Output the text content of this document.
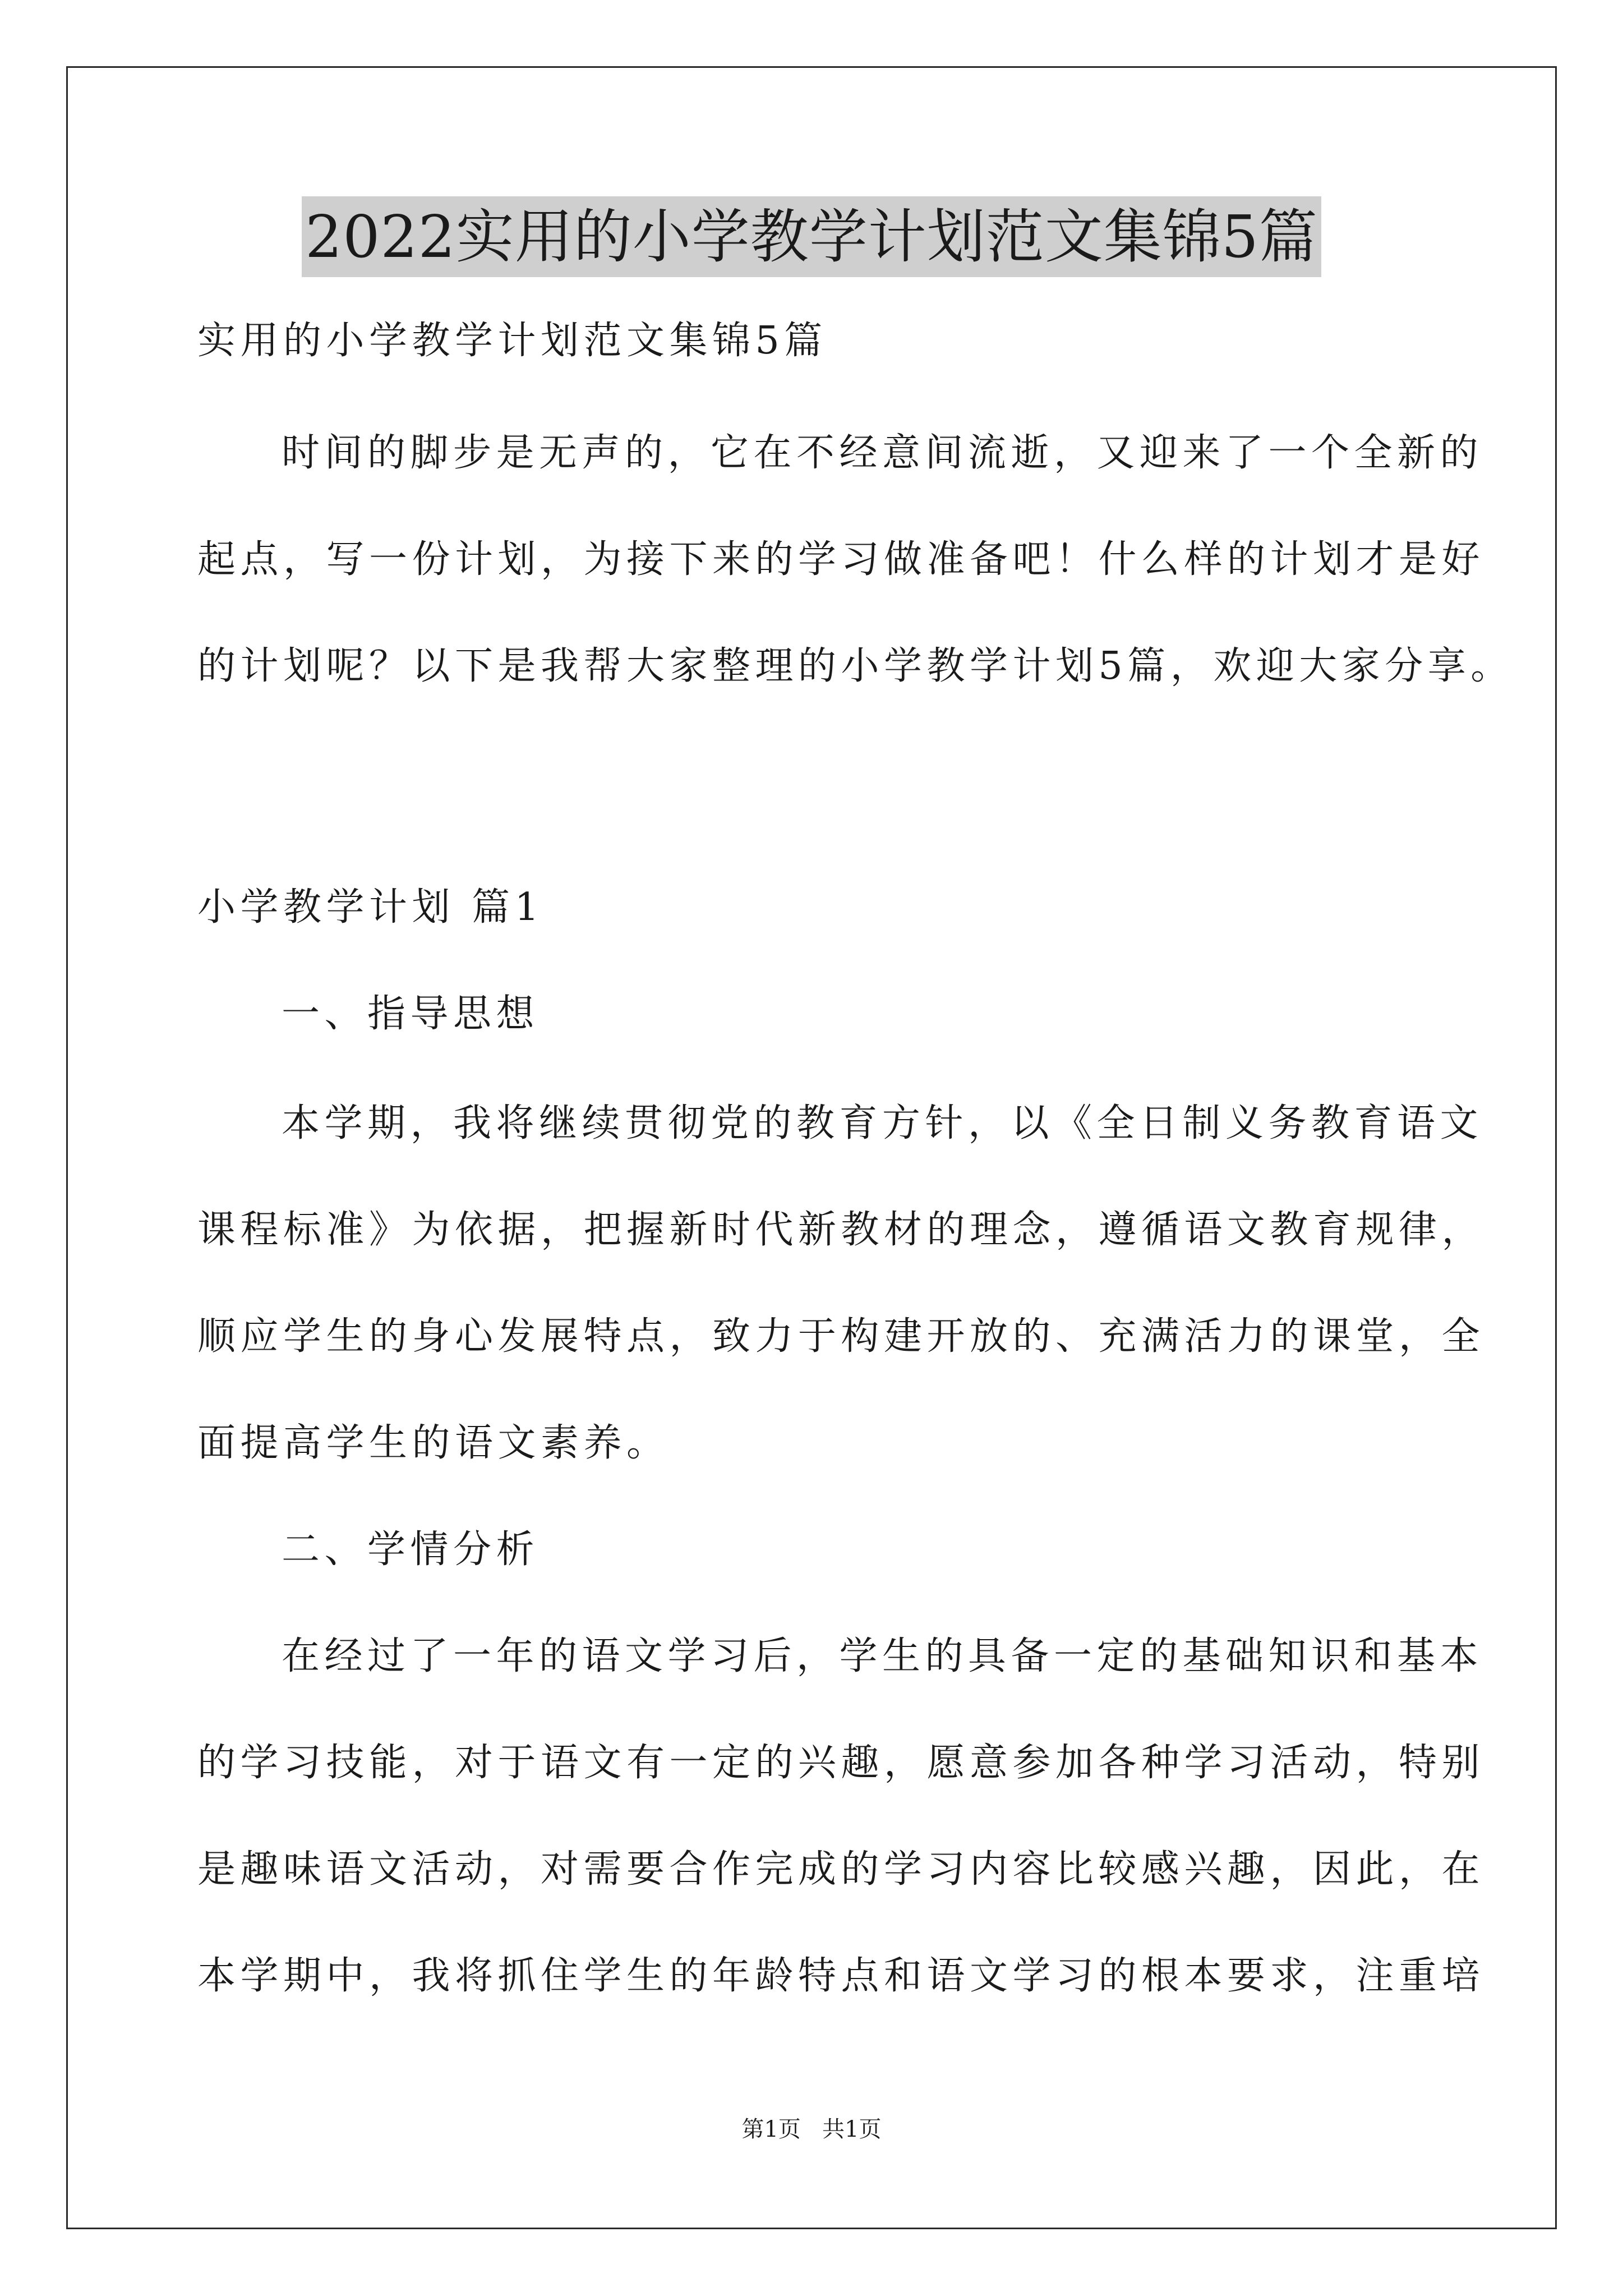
2022实用的小学教学计划范文集锦5篇
实用的小学教学计划范文集锦5篇
时间的脚步是无声的，它在不经意间流逝，又迎来了一个全新的
起点，写一份计划，为接下来的学习做准备吧！什么样的计划才是好
的计划呢？以下是我帮大家整理的小学教学计划5篇，欢迎大家分享。
小学教学计划 篇1
一、指导思想
本学期，我将继续贯彻党的教育方针，以《全日制义务教育语文
课程标准》为依据，把握新时代新教材的理念，遵循语文教育规律，
顺应学生的身心发展特点，致力于构建开放的、充满活力的课堂，全
面提高学生的语文素养。
二、学情分析
在经过了一年的语文学习后，学生的具备一定的基础知识和基本
的学习技能，对于语文有一定的兴趣，愿意参加各种学习活动，特别
是趣味语文活动，对需要合作完成的学习内容比较感兴趣，因此，在
本学期中，我将抓住学生的年龄特点和语文学习的根本要求，注重培
第1页   共1页
